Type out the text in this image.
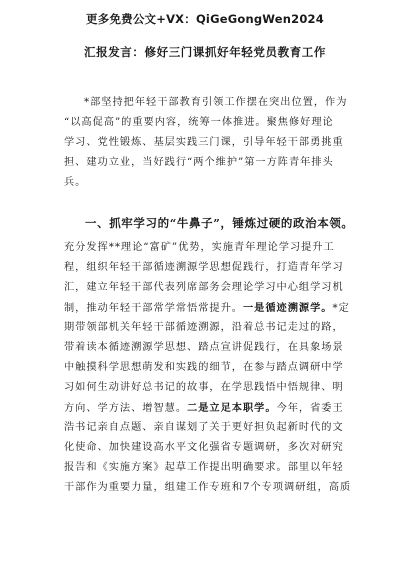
更多免费公文+VX：QiGeGongWen2024
汇报发言：修好三门课抓好年轻党员教育工作
*部坚持把年轻干部教育引领工作摆在突出位置，作为
“以高促高”的重要内容，统筹一体推进。聚焦修好理论
学习、党性锻炼、基层实践三门课，引导年轻干部勇挑重
担、建功立业，当好践行“两个维护”第一方阵青年排头
兵。
一、抓牢学习的“牛鼻子”，锤炼过硬的政治本领。
充分发挥**理论“富矿”优势，实施青年理论学习提升工
程，组织年轻干部循迹溯源学思想促践行，打造青年学习
汇，建立年轻干部代表列席部务会理论学习中心组学习机
制，推动年轻干部常学常悟常提升。一是循迹溯源学。*定
期带领部机关年轻干部循迹溯源，沿着总书记走过的路，
带着读本循迹溯源学思想、踏点宣讲促践行，在具象场景
中触摸科学思想萌发和实践的细节，在参与踏点调研中学
习如何生动讲好总书记的故事，在学思践悟中悟规律、明
方向、学方法、增智慧。二是立足本职学。今年，省委王
浩书记亲自点题、亲自谋划了关于更好担负起新时代的文
化使命、加快建设高水平文化强省专题调研，多次对研究
报告和《实施方案》起草工作提出明确要求。部里以年轻
干部作为重要力量，组建工作专班和7个专项调研组，高质
